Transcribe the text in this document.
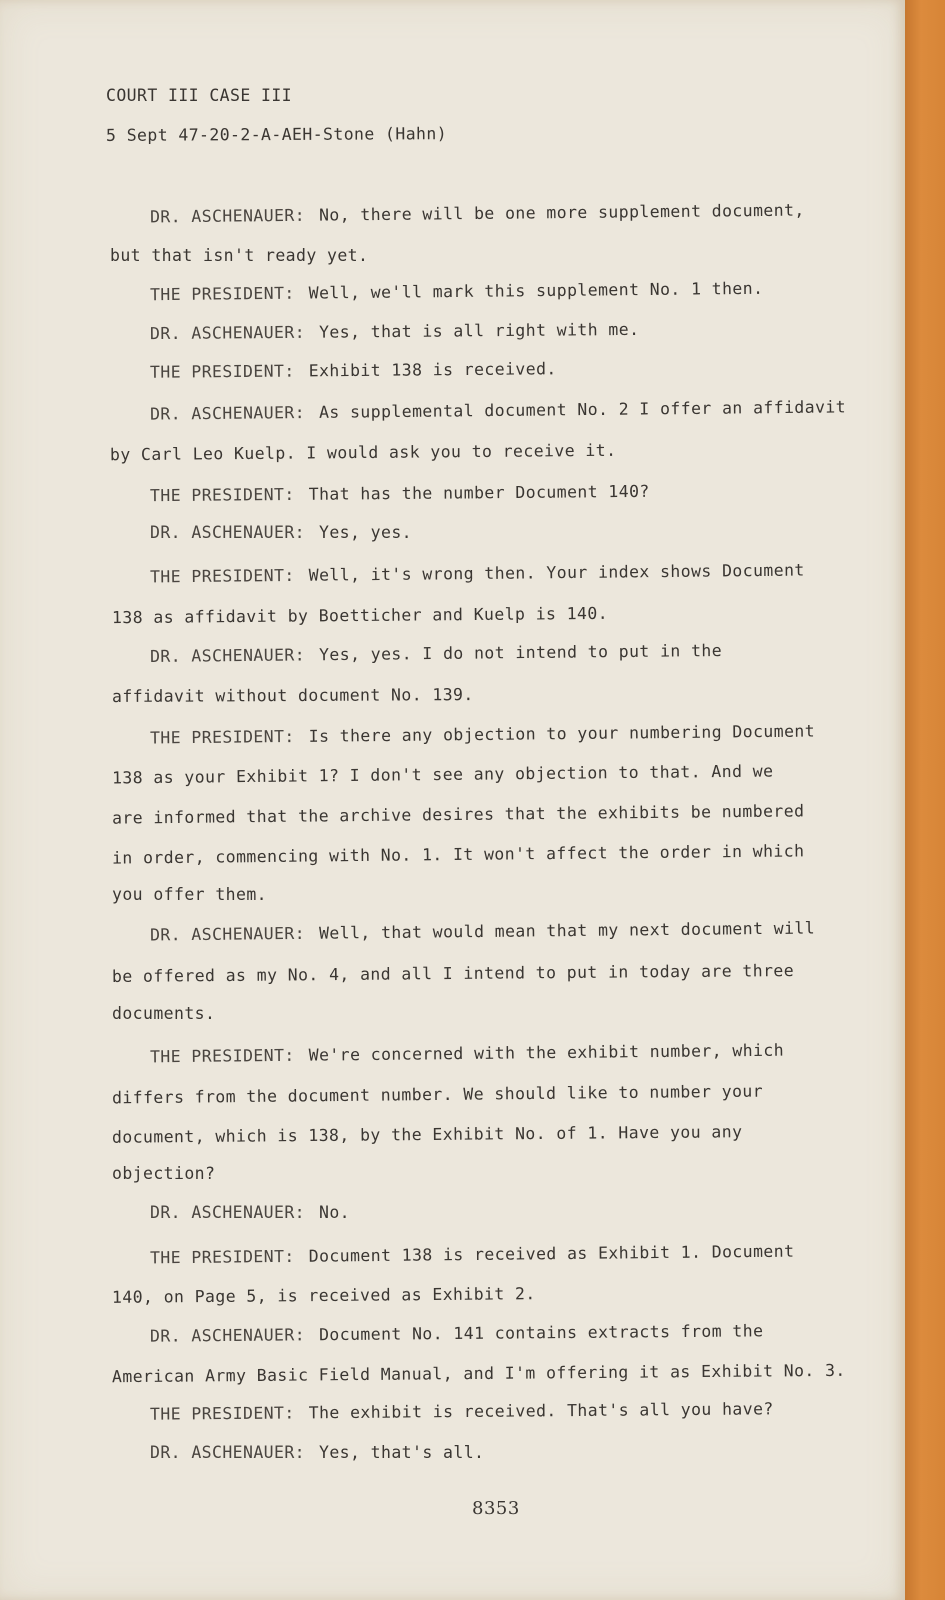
COURT III CASE III
5 Sept 47-20-2-A-AEH-Stone (Hahn)
DR. ASCHENAUER: No, there will be one more supplement document,
but that isn't ready yet.
THE PRESIDENT: Well, we'll mark this supplement No. 1 then.
DR. ASCHENAUER: Yes, that is all right with me.
THE PRESIDENT: Exhibit 138 is received.
DR. ASCHENAUER: As supplemental document No. 2 I offer an affidavit
by Carl Leo Kuelp. I would ask you to receive it.
THE PRESIDENT: That has the number Document 140?
DR. ASCHENAUER: Yes, yes.
THE PRESIDENT: Well, it's wrong then. Your index shows Document
138 as affidavit by Boetticher and Kuelp is 140.
DR. ASCHENAUER: Yes, yes. I do not intend to put in the
affidavit without document No. 139.
THE PRESIDENT: Is there any objection to your numbering Document
138 as your Exhibit 1? I don't see any objection to that. And we
are informed that the archive desires that the exhibits be numbered
in order, commencing with No. 1. It won't affect the order in which
you offer them.
DR. ASCHENAUER: Well, that would mean that my next document will
be offered as my No. 4, and all I intend to put in today are three
documents.
THE PRESIDENT: We're concerned with the exhibit number, which
differs from the document number. We should like to number your
document, which is 138, by the Exhibit No. of 1. Have you any
objection?
DR. ASCHENAUER: No.
THE PRESIDENT: Document 138 is received as Exhibit 1. Document
140, on Page 5, is received as Exhibit 2.
DR. ASCHENAUER: Document No. 141 contains extracts from the
American Army Basic Field Manual, and I'm offering it as Exhibit No. 3.
THE PRESIDENT: The exhibit is received. That's all you have?
DR. ASCHENAUER: Yes, that's all.
8353
